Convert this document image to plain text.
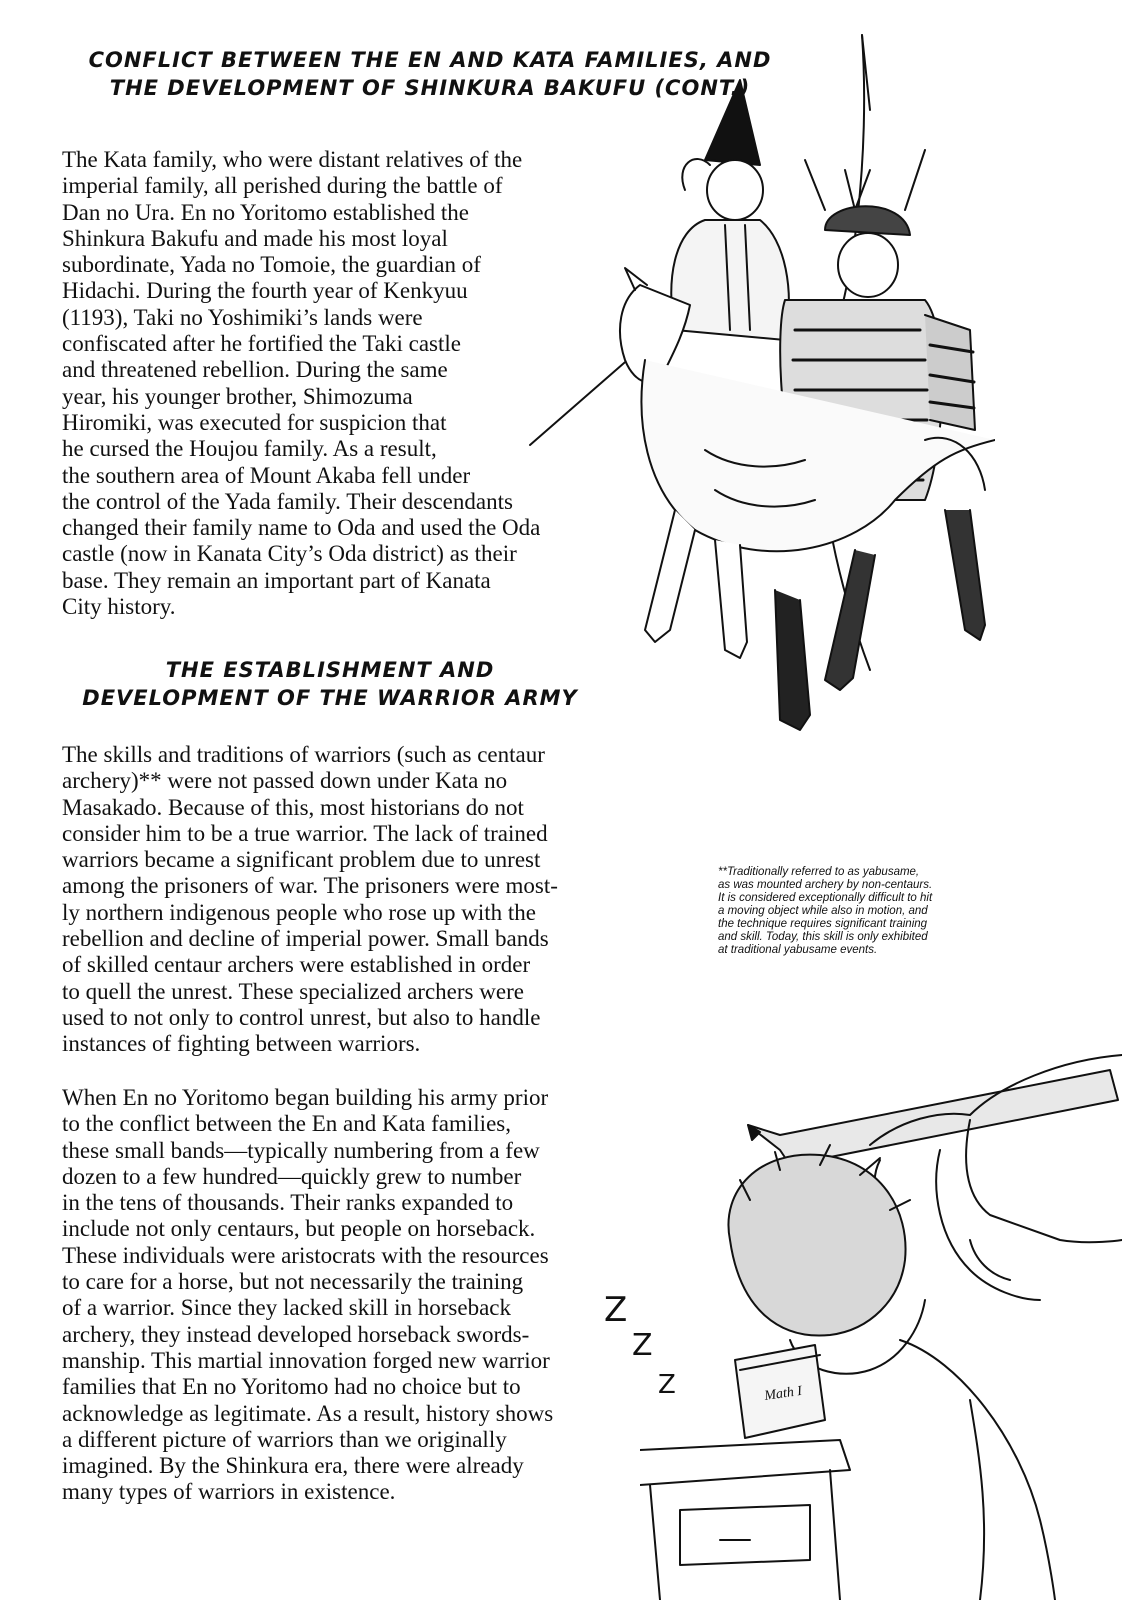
CONFLICT BETWEEN THE EN AND KATA FAMILIES, AND
THE DEVELOPMENT OF SHINKURA BAKUFU (CONT.)
The Kata family, who were distant relatives of the
imperial family, all perished during the battle of
Dan no Ura. En no Yoritomo established the
Shinkura Bakufu and made his most loyal
subordinate, Yada no Tomoie, the guardian of
Hidachi. During the fourth year of Kenkyuu
(1193), Taki no Yoshimiki’s lands were
confiscated after he fortified the Taki castle
and threatened rebellion. During the same
year, his younger brother, Shimozuma
Hiromiki, was executed for suspicion that
he cursed the Houjou family. As a result,
the southern area of Mount Akaba fell under
the control of the Yada family. Their descendants
changed their family name to Oda and used the Oda
castle (now in Kanata City’s Oda district) as their
base. They remain an important part of Kanata
City history.
THE ESTABLISHMENT AND
DEVELOPMENT OF THE WARRIOR ARMY
The skills and traditions of warriors (such as centaur
archery)** were not passed down under Kata no
Masakado. Because of this, most historians do not
consider him to be a true warrior. The lack of trained
warriors became a significant problem due to unrest
among the prisoners of war. The prisoners were most-
ly northern indigenous people who rose up with the
rebellion and decline of imperial power. Small bands
of skilled centaur archers were established in order
to quell the unrest. These specialized archers were
used to not only to control unrest, but also to handle
instances of fighting between warriors.
When En no Yoritomo began building his army prior
to the conflict between the En and Kata families,
these small bands—typically numbering from a few
dozen to a few hundred—quickly grew to number
in the tens of thousands. Their ranks expanded to
include not only centaurs, but people on horseback.
These individuals were aristocrats with the resources
to care for a horse, but not necessarily the training
of a warrior. Since they lacked skill in horseback
archery, they instead developed horseback swords-
manship. This martial innovation forged new warrior
families that En no Yoritomo had no choice but to
acknowledge as legitimate. As a result, history shows
a different picture of warriors than we originally
imagined. By the Shinkura era, there were already
many types of warriors in existence.
**Traditionally referred to as yabusame,
as was mounted archery by non-centaurs.
It is considered exceptionally difficult to hit
a moving object while also in motion, and
the technique requires significant training
and skill. Today, this skill is only exhibited
at traditional yabusame events.
Math I
Z
Z
Z
